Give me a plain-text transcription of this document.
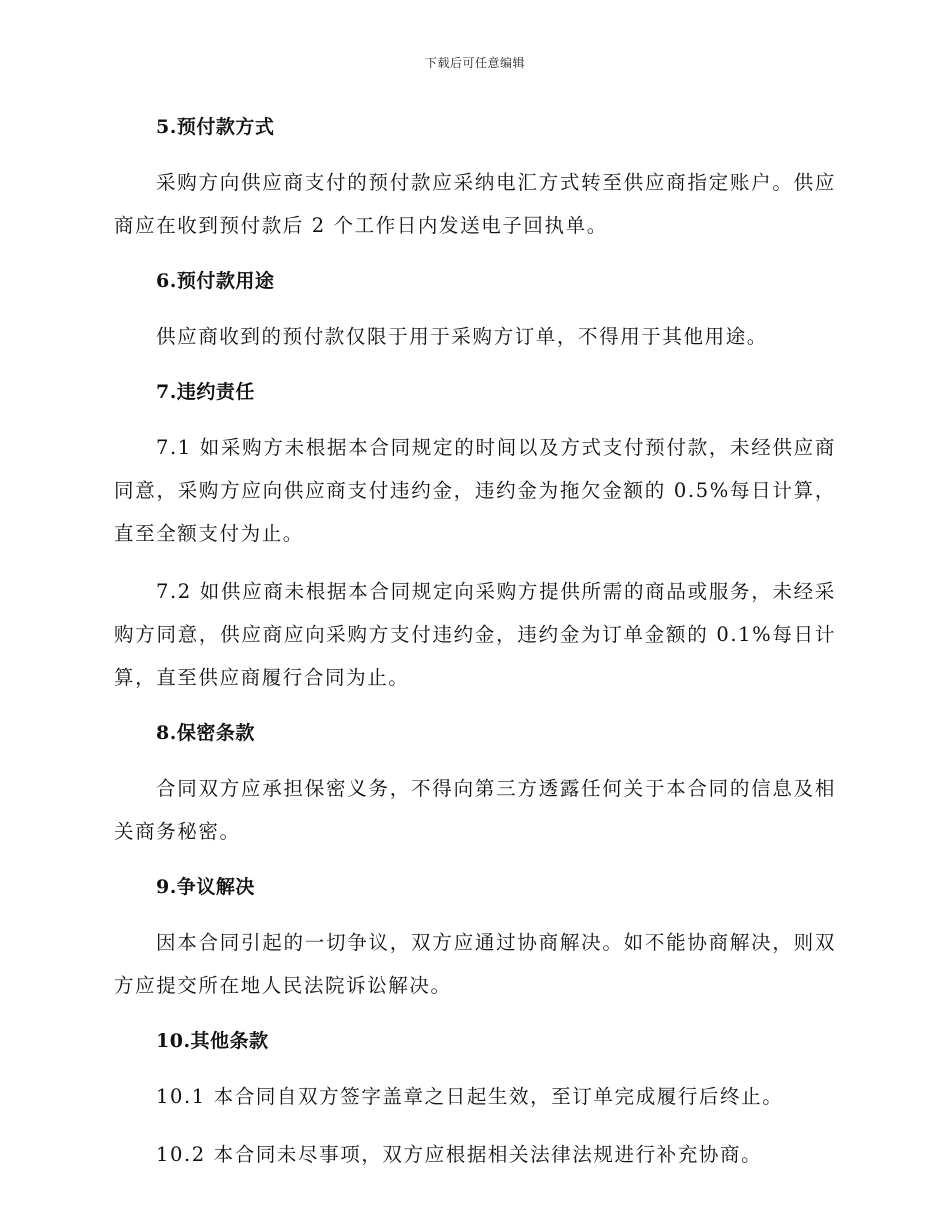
下载后可任意编辑
5.预付款方式

采购方向供应商支付的预付款应采纳电汇方式转至供应商指定账户。供应商应在收到预付款后 2 个工作日内发送电子回执单。

6.预付款用途

供应商收到的预付款仅限于用于采购方订单，不得用于其他用途。

7.违约责任

7.1 如采购方未根据本合同规定的时间以及方式支付预付款，未经供应商同意，采购方应向供应商支付违约金，违约金为拖欠金额的 0.5%每日计算，直至全额支付为止。

7.2 如供应商未根据本合同规定向采购方提供所需的商品或服务，未经采购方同意，供应商应向采购方支付违约金，违约金为订单金额的 0.1%每日计算，直至供应商履行合同为止。

8.保密条款

合同双方应承担保密义务，不得向第三方透露任何关于本合同的信息及相关商务秘密。

9.争议解决

因本合同引起的一切争议，双方应通过协商解决。如不能协商解决，则双方应提交所在地人民法院诉讼解决。

10.其他条款

10.1 本合同自双方签字盖章之日起生效，至订单完成履行后终止。

10.2 本合同未尽事项，双方应根据相关法律法规进行补充协商。
